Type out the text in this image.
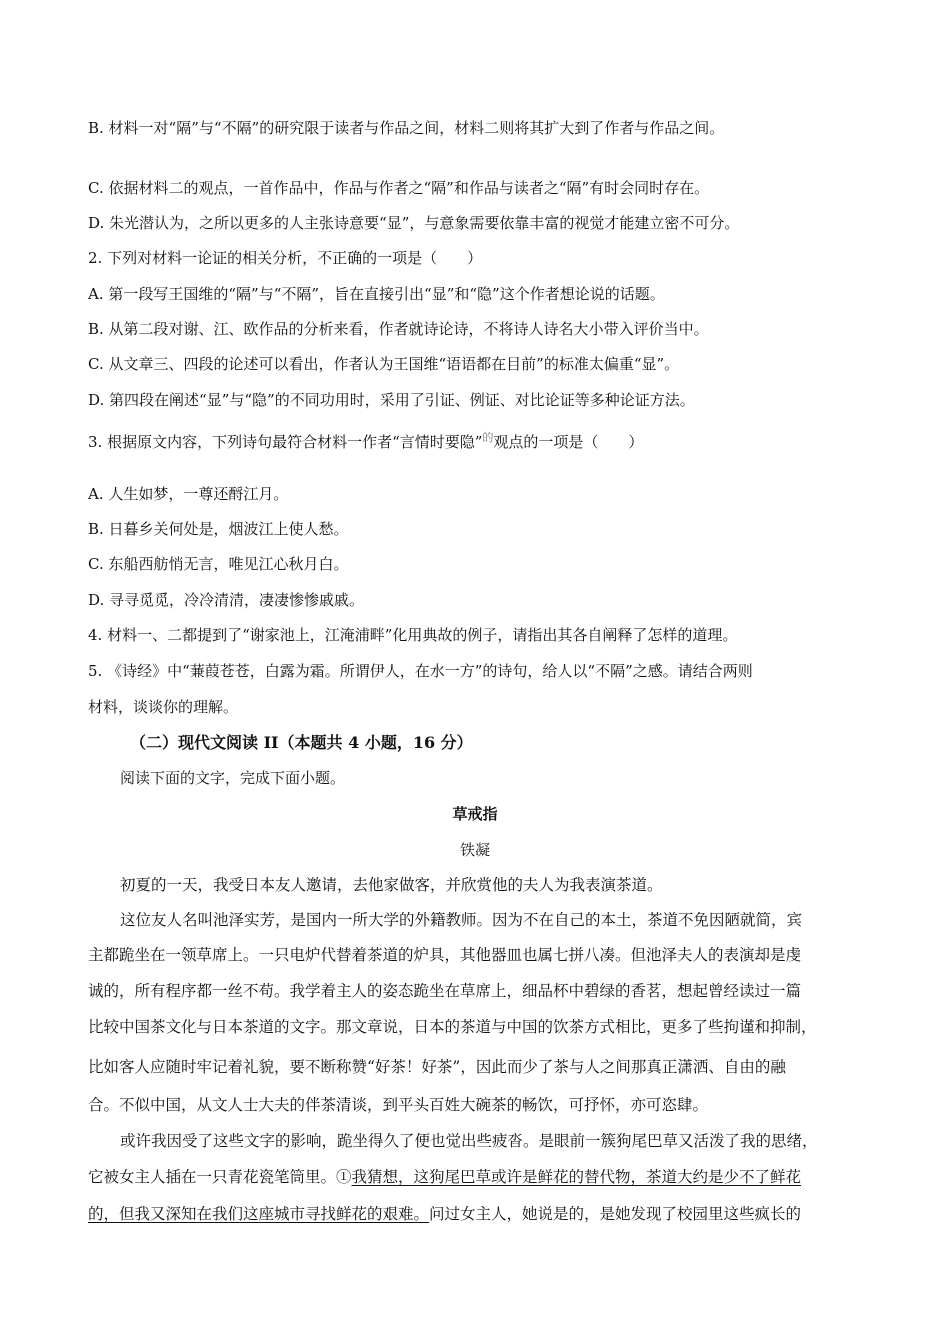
B. 材料一对“隔”与“不隔”的研究限于读者与作品之间，材料二则将其扩大到了作者与作品之间。
C. 依据材料二的观点，一首作品中，作品与作者之“隔”和作品与读者之“隔”有时会同时存在。
D. 朱光潜认为，之所以更多的人主张诗意要“显”，与意象需要依靠丰富的视觉才能建立密不可分。
2. 下列对材料一论证的相关分析，不正确的一项是（　　）
A. 第一段写王国维的“隔”与“不隔”，旨在直接引出“显”和“隐”这个作者想论说的话题。
B. 从第二段对谢、江、欧作品的分析来看，作者就诗论诗，不将诗人诗名大小带入评价当中。
C. 从文章三、四段的论述可以看出，作者认为王国维“语语都在目前”的标准太偏重“显”。
D. 第四段在阐述“显”与“隐”的不同功用时，采用了引证、例证、对比论证等多种论证方法。
3. 根据原文内容，下列诗句最符合材料一作者“言情时要隐”$^的$观点的一项是（　　）
A. 人生如梦，一尊还酹江月。
B. 日暮乡关何处是，烟波江上使人愁。
C. 东船西舫悄无言，唯见江心秋月白。
D. 寻寻觅觅，冷冷清清，凄凄惨惨戚戚。
4. 材料一、二都提到了“谢家池上，江淹浦畔”化用典故的例子，请指出其各自阐释了怎样的道理。
5. 《诗经》中“蒹葭苍苍，白露为霜。所谓伊人，在水一方”的诗句，给人以“不隔”之感。请结合两则
材料，谈谈你的理解。
（二）现代文阅读 II（本题共 4 小题，16 分）
阅读下面的文字，完成下面小题。
草戒指
铁凝
初夏的一天，我受日本友人邀请，去他家做客，并欣赏他的夫人为我表演茶道。
这位友人名叫池泽实芳，是国内一所大学的外籍教师。因为不在自己的本土，茶道不免因陋就简，宾
主都跪坐在一领草席上。一只电炉代替着茶道的炉具，其他器皿也属七拼八凑。但池泽夫人的表演却是虔
诚的，所有程序都一丝不苟。我学着主人的姿态跪坐在草席上，细品杯中碧绿的香茗，想起曾经读过一篇
比较中国茶文化与日本茶道的文字。那文章说，日本的茶道与中国的饮茶方式相比，更多了些拘谨和抑制，
比如客人应随时牢记着礼貌，要不断称赞“好茶！好茶”，因此而少了茶与人之间那真正潇洒、自由的融
合。不似中国，从文人士大夫的伴茶清谈，到平头百姓大碗茶的畅饮，可抒怀，亦可恣肆。
或许我因受了这些文字的影响，跪坐得久了便也觉出些疲沓。是眼前一簇狗尾巴草又活泼了我的思绪，
它被女主人插在一只青花瓷笔筒里。①我猜想，这狗尾巴草或许是鲜花的替代物，茶道大约是少不了鲜花
的，但我又深知在我们这座城市寻找鲜花的艰难。问过女主人，她说是的，是她发现了校园里这些疯长的
